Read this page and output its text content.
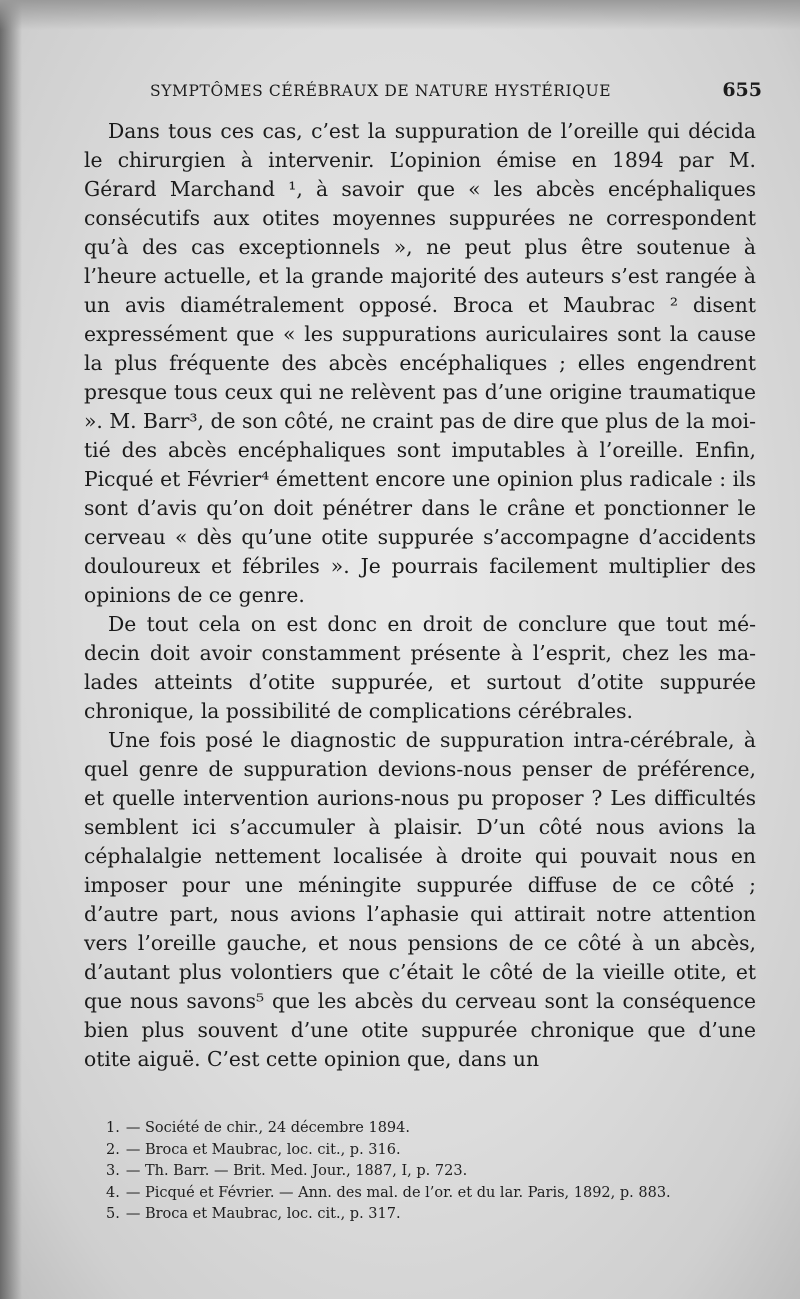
SYMPTÔMES CÉRÉBRAUX DE NATURE HYSTÉRIQUE	655

Dans tous ces cas, c’est la suppuration de l’oreille qui décida le chirurgien à intervenir. L’opinion émise en 1894 par M. Gérard Marchand ¹, à savoir que « les abcès encéphaliques consécutifs aux otites moyennes suppurées ne correspondent qu’à des cas exceptionnels », ne peut plus être soutenue à l’heure actuelle, et la grande majorité des auteurs s’est rangée à un avis diamétralement opposé. Broca et Maubrac ² disent expressément que « les suppurations auriculaires sont la cause la plus fréquente des abcès encéphaliques ; elles engendrent presque tous ceux qui ne relèvent pas d’une origine traumatique ». M. Barr³, de son côté, ne craint pas de dire que plus de la moitié des abcès encéphaliques sont imputables à l’oreille. Enfin, Picqué et Février⁴ émettent encore une opinion plus radicale : ils sont d’avis qu’on doit pénétrer dans le crâne et ponctionner le cerveau « dès qu’une otite suppurée s’accompagne d’accidents douloureux et fébriles ». Je pourrais facilement multiplier des opinions de ce genre.

De tout cela on est donc en droit de conclure que tout médecin doit avoir constamment présente à l’esprit, chez les malades atteints d’otite suppurée, et surtout d’otite suppurée chronique, la possibilité de complications cérébrales.

Une fois posé le diagnostic de suppuration intra-cérébrale, à quel genre de suppuration devions-nous penser de préférence, et quelle intervention aurions-nous pu proposer ? Les difficultés semblent ici s’accumuler à plaisir. D’un côté nous avions la céphalalgie nettement localisée à droite qui pouvait nous en imposer pour une méningite suppurée diffuse de ce côté ; d’autre part, nous avions l’aphasie qui attirait notre attention vers l’oreille gauche, et nous pensions de ce côté à un abcès, d’autant plus volontiers que c’était le côté de la vieille otite, et que nous savons⁵ que les abcès du cerveau sont la conséquence bien plus souvent d’une otite suppurée chronique que d’une otite aiguë. C’est cette opinion que, dans un

1. — Société de chir., 24 décembre 1894.

2. — Broca et Maubrac, loc. cit., p. 316.

3. — Th. Barr. — Brit. Med. Jour., 1887, I, p. 723.

4. — Picqué et Février. — Ann. des mal. de l’or. et du lar. Paris, 1892, p. 883.

5. — Broca et Maubrac, loc. cit., p. 317.
